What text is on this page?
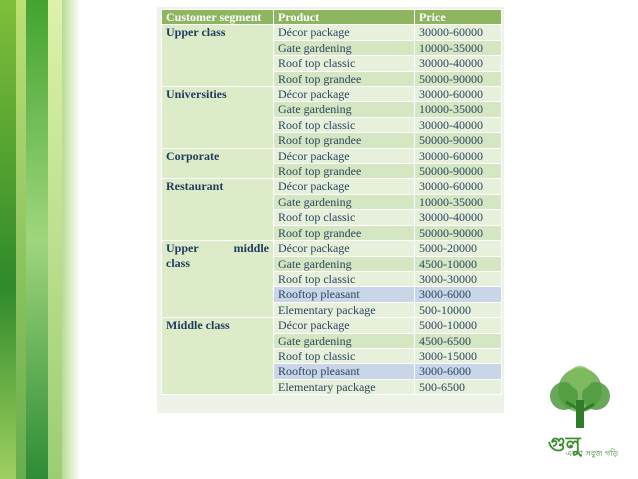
Customer segment	Product	Price
Upper class	Décor package	30000-60000
	Gate gardening	10000-35000
	Roof top classic	30000-40000
	Roof top grandee	50000-90000
Universities	Décor package	30000-60000
	Gate gardening	10000-35000
	Roof top classic	30000-40000
	Roof top grandee	50000-90000
Corporate	Décor package	30000-60000
	Roof top grandee	50000-90000
Restaurant	Décor package	30000-60000
	Gate gardening	10000-35000
	Roof top classic	30000-40000
	Roof top grandee	50000-90000

Upper middle
class	Décor package	5000-20000
	Gate gardening	4500-10000
	Roof top classic	3000-30000
	Rooftop pleasant	3000-6000
	Elementary package	500-10000
Middle class	Décor package	5000-10000
	Gate gardening	4500-6500
	Roof top classic	3000-15000
	Rooftop pleasant	3000-6000
	Elementary package	500-6500
গুলু
এসো সবুজ গড়ি
